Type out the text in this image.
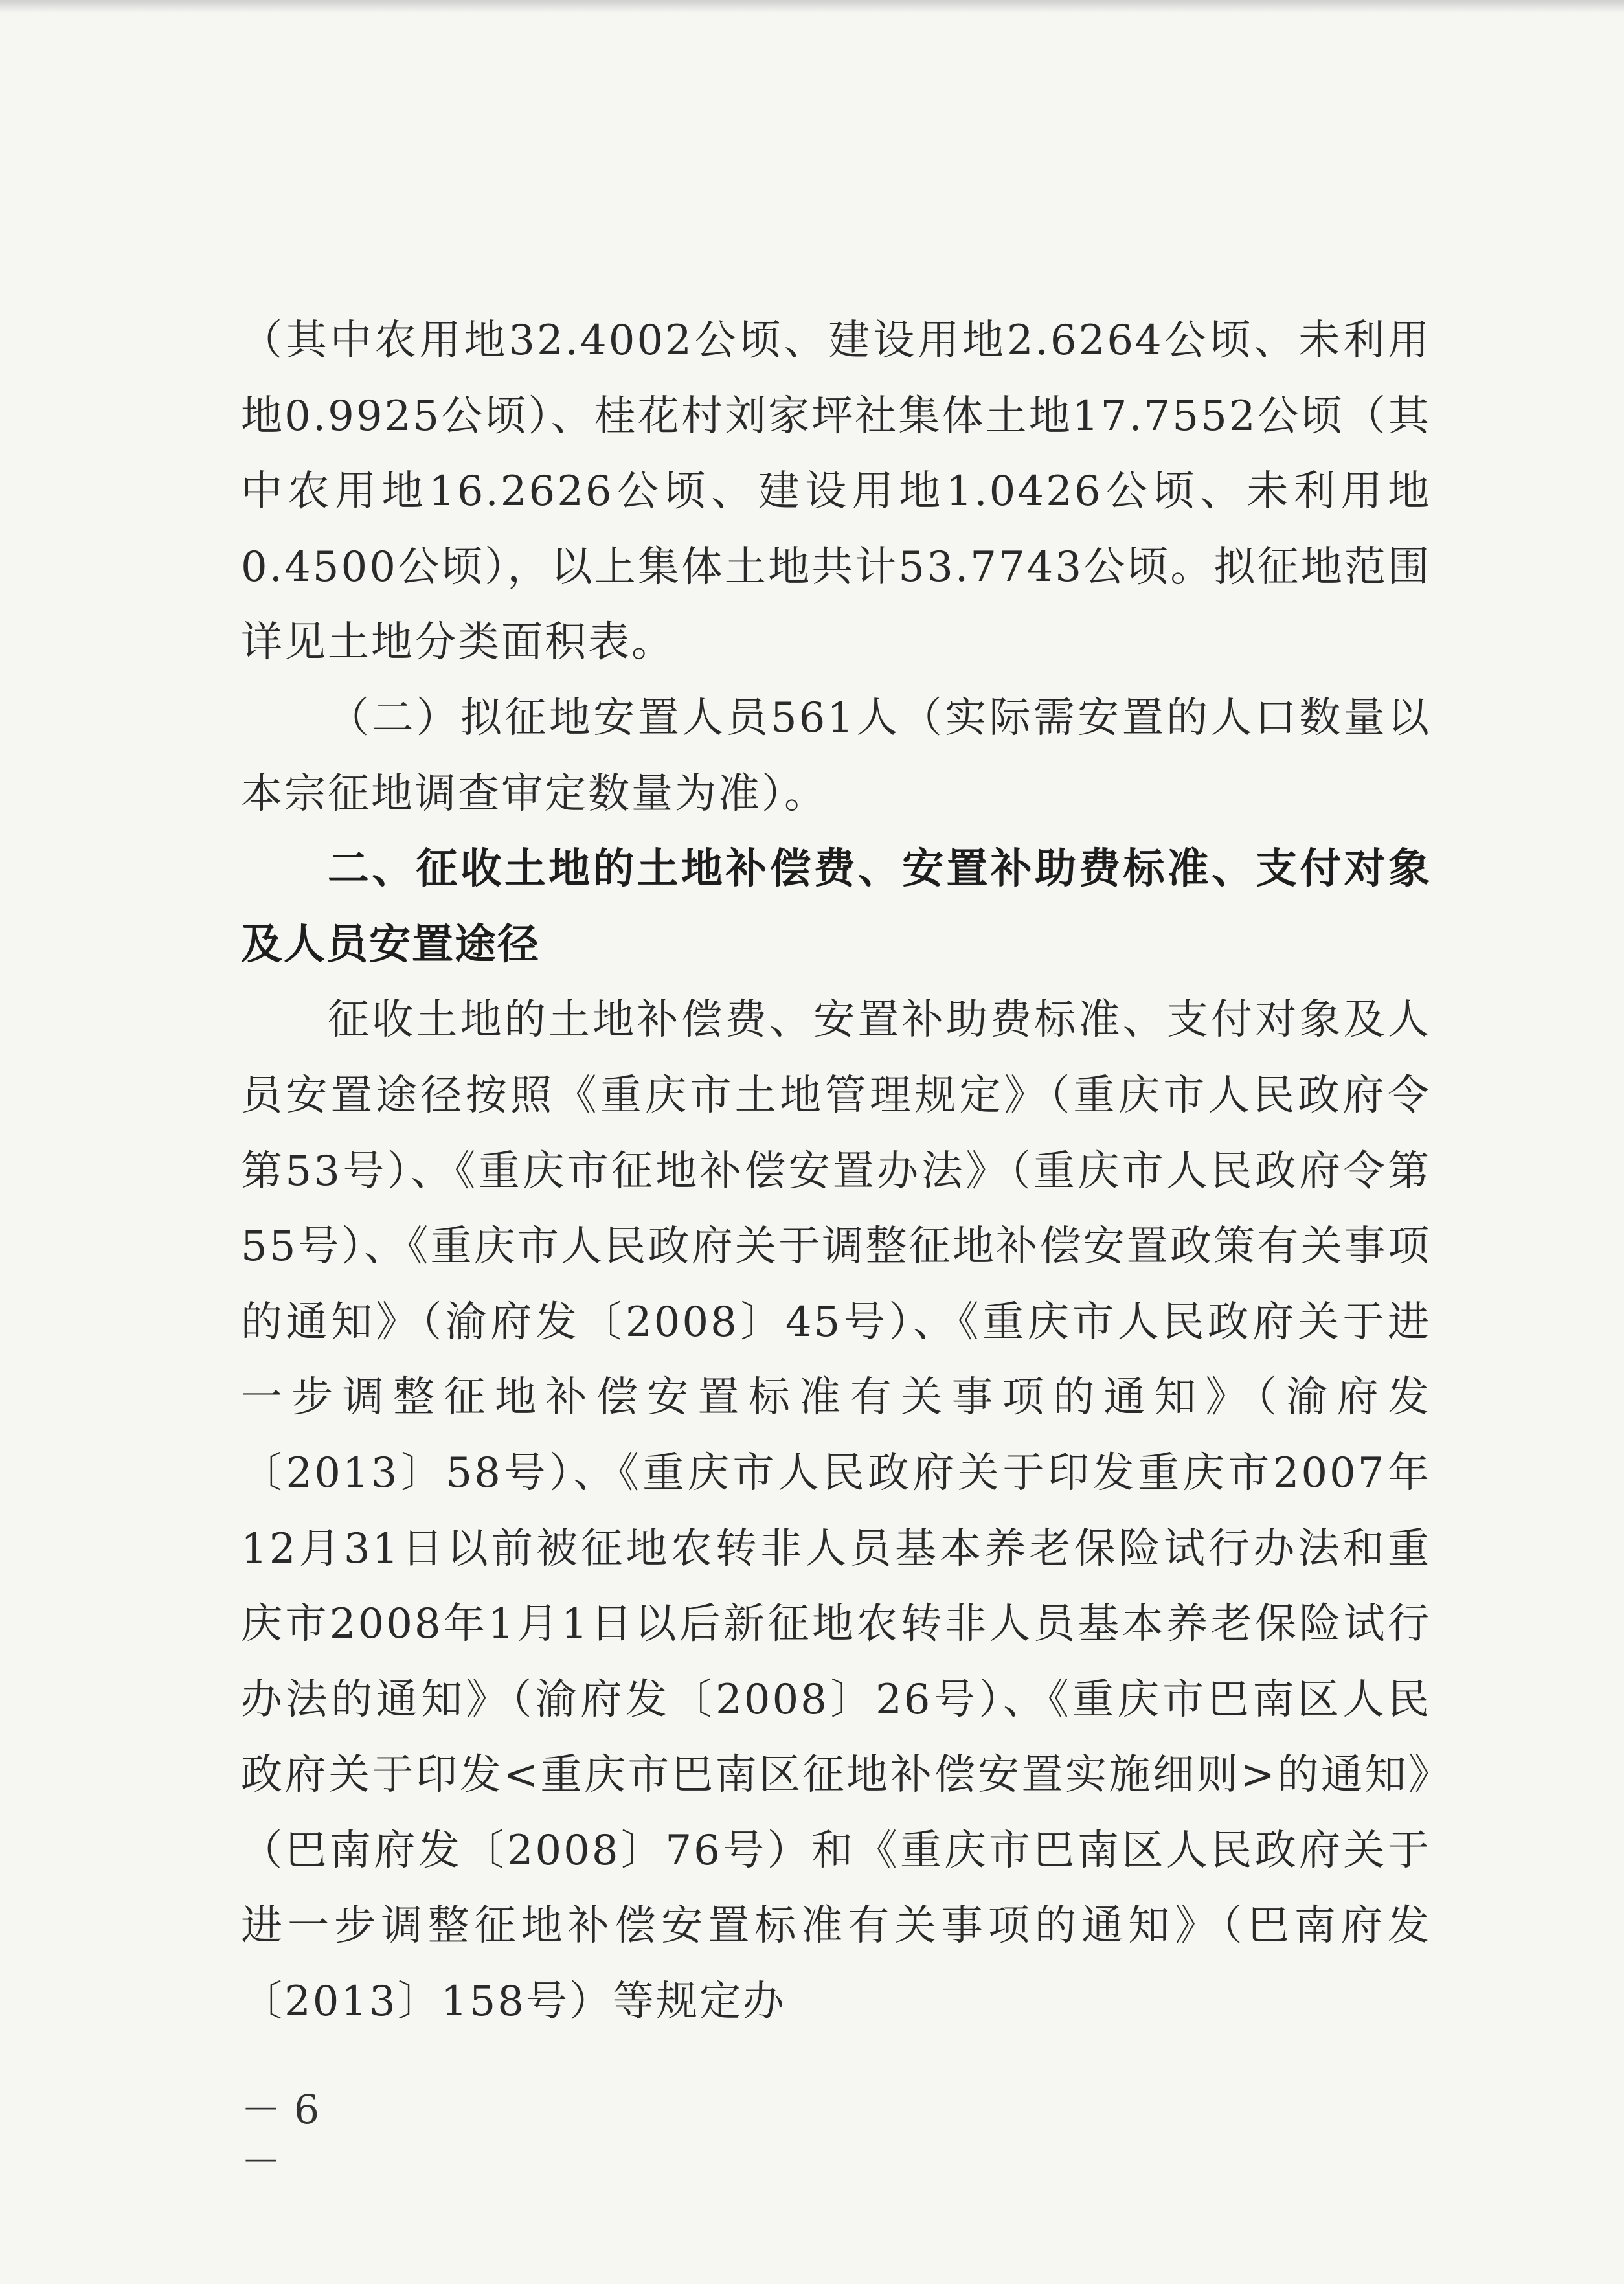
（其中农用地32.4002公顷、建设用地2.6264公顷、未利用地0.9925公顷）、桂花村刘家坪社集体土地17.7552公顷（其中农用地16.2626公顷、建设用地1.0426公顷、未利用地0.4500公顷），以上集体土地共计53.7743公顷。拟征地范围详见土地分类面积表。

（二）拟征地安置人员561人（实际需安置的人口数量以本宗征地调查审定数量为准）。

二、征收土地的土地补偿费、安置补助费标准、支付对象及人员安置途径

征收土地的土地补偿费、安置补助费标准、支付对象及人员安置途径按照《重庆市土地管理规定》（重庆市人民政府令第53号）、《重庆市征地补偿安置办法》（重庆市人民政府令第55号）、《重庆市人民政府关于调整征地补偿安置政策有关事项的通知》（渝府发〔2008〕45号）、《重庆市人民政府关于进一步调整征地补偿安置标准有关事项的通知》（渝府发〔2013〕58号）、《重庆市人民政府关于印发重庆市2007年12月31日以前被征地农转非人员基本养老保险试行办法和重庆市2008年1月1日以后新征地农转非人员基本养老保险试行办法的通知》（渝府发〔2008〕26号）、《重庆市巴南区人民政府关于印发<重庆市巴南区征地补偿安置实施细则>的通知》（巴南府发〔2008〕76号）和《重庆市巴南区人民政府关于进一步调整征地补偿安置标准有关事项的通知》（巴南府发〔2013〕158号）等规定办

－ 6 －
